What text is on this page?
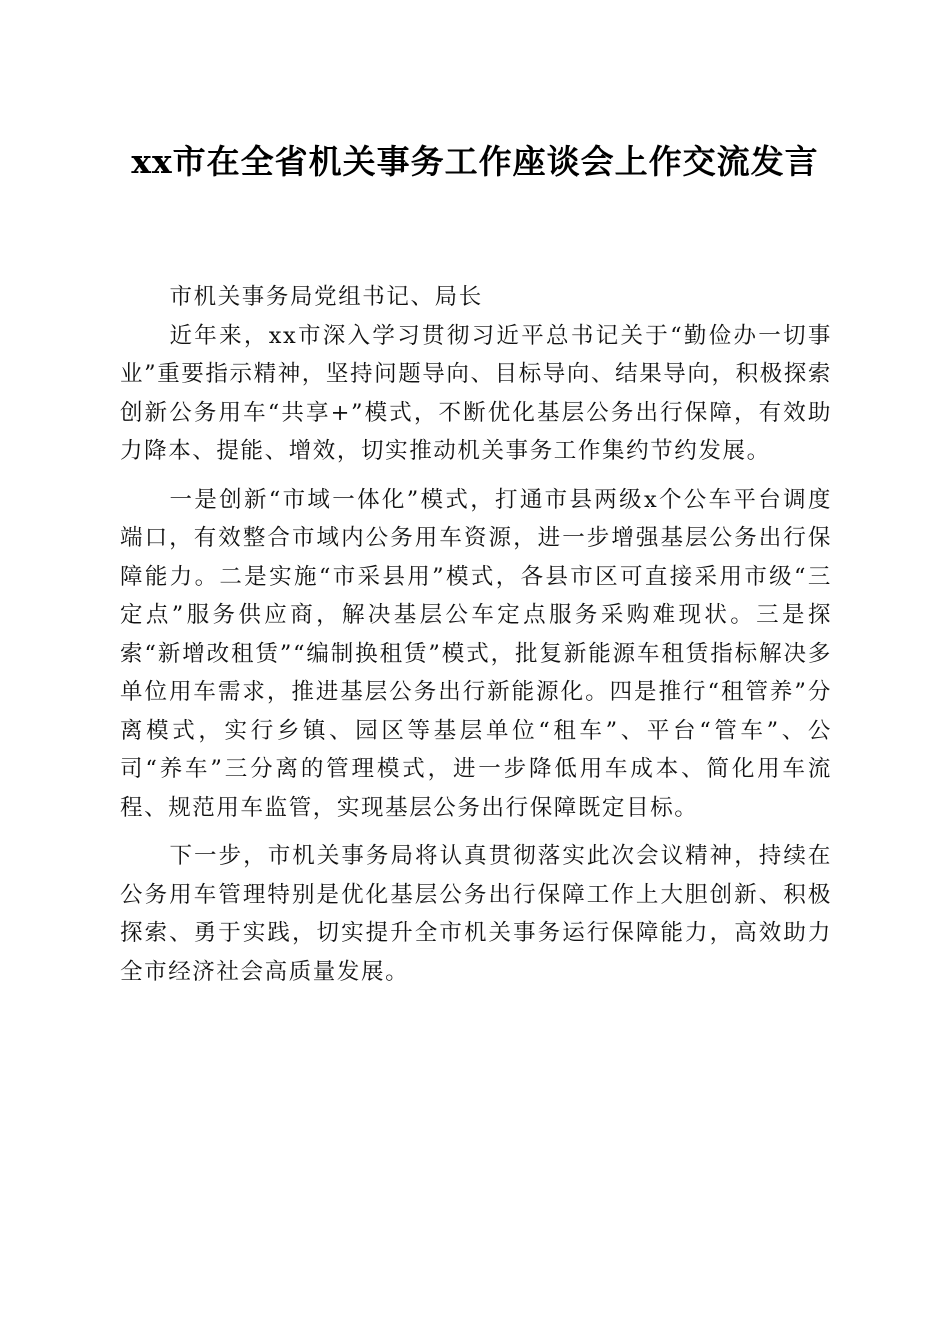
xx市在全省机关事务工作座谈会上作交流发言

市机关事务局党组书记、局长

近年来，xx市深入学习贯彻习近平总书记关于“勤俭办一切事业”重要指示精神，坚持问题导向、目标导向、结果导向，积极探索创新公务用车“共享+”模式，不断优化基层公务出行保障，有效助力降本、提能、增效，切实推动机关事务工作集约节约发展。

一是创新“市域一体化”模式，打通市县两级x个公车平台调度端口，有效整合市域内公务用车资源，进一步增强基层公务出行保障能力。二是实施“市采县用”模式，各县市区可直接采用市级“三定点”服务供应商，解决基层公车定点服务采购难现状。三是探索“新增改租赁”“编制换租赁”模式，批复新能源车租赁指标解决多单位用车需求，推进基层公务出行新能源化。四是推行“租管养”分离模式，实行乡镇、园区等基层单位“租车”、平台“管车”、公司“养车”三分离的管理模式，进一步降低用车成本、简化用车流程、规范用车监管，实现基层公务出行保障既定目标。

下一步，市机关事务局将认真贯彻落实此次会议精神，持续在公务用车管理特别是优化基层公务出行保障工作上大胆创新、积极探索、勇于实践，切实提升全市机关事务运行保障能力，高效助力全市经济社会高质量发展。
